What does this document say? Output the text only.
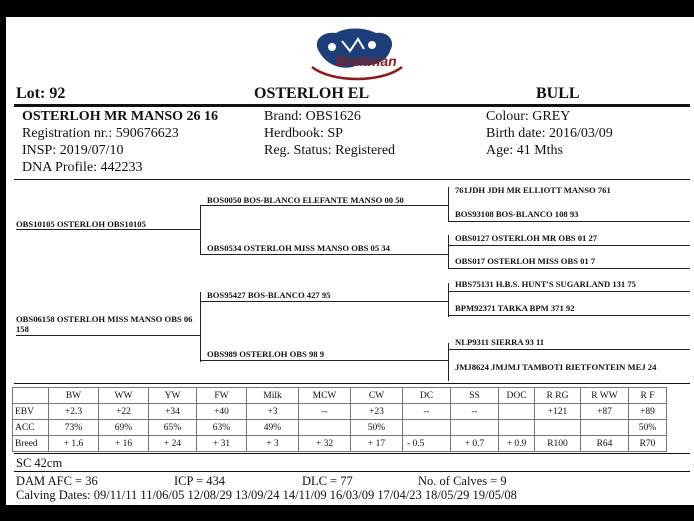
Brahman
Lot: 92	OSTERLOH EL	BULL
OSTERLOH MR MANSO 26 16
Registration nr.: 590676623
INSP: 2019/07/10
DNA Profile: 442233
Brand: OBS1626
Herdbook: SP
Reg. Status: Registered
Colour: GREY
Birth date: 2016/03/09
Age: 41 Mths
OBS10105 OSTERLOH OBS10105
OBS06158 OSTERLOH MISS MANSO OBS 06 158
BOS0050 BOS-BLANCO ELEFANTE MANSO 00 50
OBS0534 OSTERLOH MISS MANSO OBS 05 34
BOS95427 BOS-BLANCO 427 95
OBS989 OSTERLOH OBS 98 9
761JDH JDH MR ELLIOTT MANSO 761
BOS93108 BOS-BLANCO 108 93
OBS0127 OSTERLOH MR OBS 01 27
OBS017 OSTERLOH MISS OBS 01 7
HBS75131 H.B.S. HUNT'S SUGARLAND 131 75
BPM92371 TARKA BPM 371 92
NLP9311 SIERRA 93 11
JMJ8624 JMJMJ TAMBOTI RIETFONTEIN MEJ 24
	BW	WW	YW	FW	Milk	MCW	CW	DC	SS	DOC	R RG	R WW	R F
EBV	+2.3	+22	+34	+40	+3	--	+23	--	--		+121	+87	+89
ACC	73%	69%	65%	63%	49%		50%						50%
Breed	+ 1.6	+ 16	+ 24	+ 31	+ 3	+ 32	+ 17	- 0.5	+ 0.7	+ 0.9	R100	R64	R70
SC 42cm
DAM AFC = 36	ICP = 434	DLC = 77	No. of Calves = 9
Calving Dates: 09/11/11 11/06/05 12/08/29 13/09/24 14/11/09 16/03/09 17/04/23 18/05/29 19/05/08
